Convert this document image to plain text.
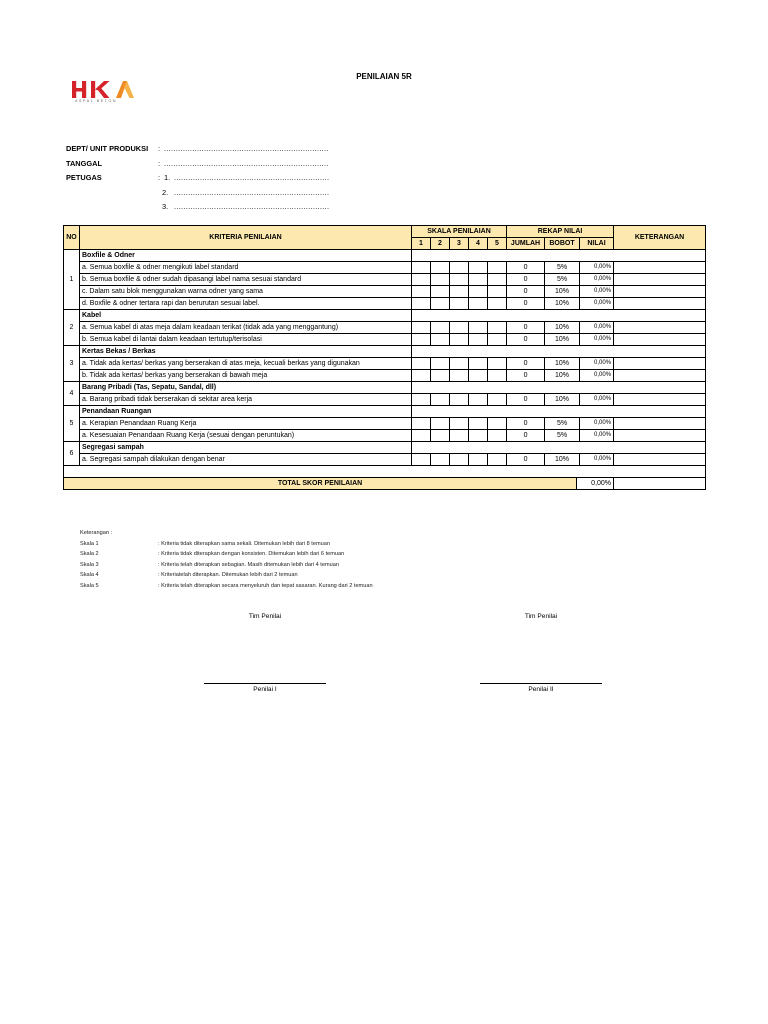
ASPAL BETON
PENILAIAN 5R
DEPT/ UNIT PRODUKSI	: ......................................................................
TANGGAL	: ......................................................................
PETUGAS	: 1. ..................................................................
2. ..................................................................
3. ..................................................................
NO	KRITERIA PENILAIAN	SKALA PENILAIAN					REKAP NILAI			KETERANGAN
		1	2	3	4	5	JUMLAH	BOBOT	NILAI	
1	Boxfile & Odner									
	a. Semua boxfile & odner mengikuti label standard						0	5%	0,00%	
	b. Semua boxfile & odner sudah dipasangi label nama sesuai standard						0	5%	0,00%	
	c. Dalam satu blok menggunakan warna odner yang sama						0	10%	0,00%	
	d. Boxfile & odner tertara rapi dan berurutan sesuai label.						0	10%	0,00%	
2	Kabel									
	a. Semua kabel di atas meja dalam keadaan terikat (tidak ada yang menggantung)						0	10%	0,00%	
	b. Semua kabel di lantai dalam keadaan tertutup/terisolasi						0	10%	0,00%	
3	Kertas Bekas / Berkas									
	a. Tidak ada kertas/ berkas yang berserakan di atas meja, kecuali berkas yang digunakan						0	10%	0,00%	
	b. Tidak ada kertas/ berkas yang berserakan di bawah meja						0	10%	0,00%	
4	Barang Pribadi (Tas, Sepatu, Sandal, dll)									
	a. Barang pribadi tidak berserakan di sekitar area kerja						0	10%	0,00%	
5	Penandaan Ruangan									
	a. Kerapian Penandaan Ruang Kerja						0	5%	0,00%	
	a. Kesesuaian Penandaan Ruang Kerja (sesuai dengan peruntukan)						0	5%	0,00%	
6	Segregasi sampah									
	a. Segregasi sampah dilakukan dengan benar						0	10%	0,00%	

TOTAL SKOR PENILAIAN 0,00%										

Keterangan :
Skala 1	: Kriteria tidak diterapkan sama sekali. Ditemukan lebih dari 8 temuan
Skala 2	: Kriteria tidak diterapkan dengan konsisten. Ditemukan lebih dari 6 temuan
Skala 3	: Kriteria telah diterapkan sebagian. Masih ditemukan lebih dari 4 temuan
Skala 4	: Kriteriatelah diterapkan. Ditemukan lebih dari 2 temuan
Skala 5	: Kriteria telah diterapkan secara menyeluruh dan tepat sasaran. Kurang dari 2 temuan
Tim Penilai
Penilai I
Tim Penilai
Penilai II
